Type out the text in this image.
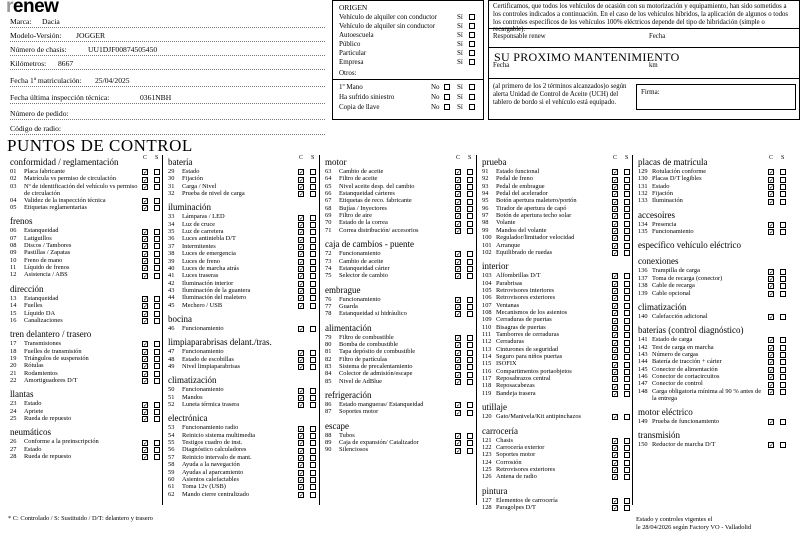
renew
Marca: Dacia
Modelo-Versión: JOGGER
Número de chasis:	UU1DJF00874505450
Kilómetros: 8667
Fecha 1ª matriculación: 25/04/2025
Fecha última inspección técnica:	0361NBH
Número de pedido:
Código de radio:
ORIGEN
Vehículo de alquiler con conductor	Sí
Vehículo de alquiler sin conductor	Sí
Autoescuela	Sí
Público	Sí
Particular	Sí
Empresa	Sí
Otros:
1º Mano	No Sí
Ha sufrido siniestro	No Sí
Copia de llave	No Sí
Certificamos, que todos los vehículos de ocasión con su motorización y equipamiento, han sido sometidos a los controles indicados a continuación. En el caso de los vehículos híbridos, la aplicación de algunos o todos los controles específicos de los vehículos 100% eléctricos depende del tipo de hibridación (simple o recargable).
Responsable renew	Fecha
SU PROXIMO MANTENIMIENTO
Fecha	km
(al primero de los 2 términos alcanzados)o según alerta Unidad de Control de Aceite (UCH) del tablero de bordo si el vehículo está equipado.
Firma:
PUNTOS DE CONTROL
C S
conformidad / reglamentación
01 Placa fabricante	✓
02 Matrícula vs permiso de circulación	✓
03 Nº de identificación del vehículo vs permiso ✓
de circulación
04 Validez de la inspección técnica	✓
05 Etiquetas reglamentarias	✓
frenos
06 Estanqueidad	✓
07 Latiguillos	✓
08 Discos / Tambores	✓
09 Pastillas / Zapatas	✓
10 Freno de mano	✓
11 Líquido de frenos	✓
12 Asistencia / ABS	✓
dirección
13 Estanqueidad	✓
14 Fuelles	✓
15 Líquido DA	✓
16 Canalizaciones	✓
tren delantero / trasero
17 Transmisiones	✓
18 Fuelles de transmisión	✓
19 Triángulos de suspensión	✓
20 Rótulas	✓
21 Rodamientos	✓
22 Amortiguadores D/T	✓
llantas
23 Estado	✓
24 Apriete	✓
25 Rueda de repuesto	✓
neumáticos
26 Conforme a la preinscripción	✓
27 Estado	✓
28 Rueda de repuesto	✓
C S
batería
29 Estado	✓
30 Fijación	✓
31 Carga / Nivel	✓
32 Prueba de nivel de carga	✓
iluminación
33 Lámparas / LED	✓
34 Luz de cruce	✓
35 Luz de carretera	✓
36 Luces antiniebla D/T	✓
37 Intermitentes	✓
38 Luces de emergencia	✓
39 Luces de freno	✓
40 Luces de marcha atrás	✓
41 Luces traseras	✓
42 Iluminación interior	✓
43 Iluminación de la guantera	✓
44 Iluminación del maletero	✓
45 Mechero / USB	✓
bocina
46 Funcionamiento	✓
limpiaparabrisas delant./tras.
47 Funcionamiento	✓
48 Estado de escobillas	✓
49 Nivel limpiaparabrisas	✓
climatización
50 Funcionamiento	✓
51 Mandos	✓
52 Luneta térmica trasera	✓
electrónica
53 Funcionamiento radio	✓
54 Reinicio sistema multimedia	✓
55 Testigos cuadro de inst.	✓
56 Diagnóstico calculadores	✓
57 Reinicio intervalo de mant.	✓
58 Ayuda a la navegación	✓
59 Ayudas al aparcamiento	✓
60 Asientos calefactables	✓
61 Toma 12v (USB)	✓
62 Mando cierre centralizado	✓
C S
motor
63 Cambio de aceite	✓
64 Filtro de aceite	✓
65 Nivel aceite desp. del cambio	✓
66 Estanqueidad cárteres	✓
67 Etiquetas de reco. fabricante	✓
68 Bujías / Inyectores	✓
69 Filtro de aire	✓
70 Estado de la correa	✓
71 Correa distribución/ accesorios	✓
caja de cambios - puente
72 Funcionamiento	✓
73 Cambio de aceite	✓
74 Estanqueidad cárter	✓
75 Selector de cambio	✓
embrague
76 Funcionamiento	✓
77 Guarda	✓
78 Estanqueidad si hidráulico	✓
alimentación
79 Filtro de combustible	✓
80 Bomba de combustible	✓
81 Tapa depósito de combustible	✓
82 Filtro de partículas	✓
83 Sistema de precalentamiento	✓
84 Colector de admisión/escape	✓
85 Nivel de AdBlue	✓
refrigeración
86 Estado mangueras/ Estanqueidad	✓
87 Soportes motor	✓
escape
88 Tubos	✓
89 Caja de expansión/ Catalizador	✓
90 Silenciosos	✓
C S
prueba
91 Estado funcional	✓
92 Pedal de freno	✓
93 Pedal de embrague	✓
94 Pedal del acelerador	✓
95 Botón apertura maletero/portón	✓
96 Tirador de apertura de capó	✓
97 Botón de apertura techo solar	✓
98 Volante	✓
99 Mandos del volante	✓
100 Regulador/limitador velocidad	✓
101 Arranque	✓
102 Equilibrado de ruedas	✓
interior
103 Alfombrillas D/T	✓
104 Parabrisas	✓
105 Retrovisores interiores	✓
106 Retrovisores exteriores	✓
107 Ventanas	✓
108 Mecanismos de los asientos	✓
109 Cerraduras de puertas	✓
110 Bisagras de puertas	✓
111 Tamborres de cerraduras	✓
112 Cerraduras	✓
113 Cinturones de seguridad	✓
114 Seguro para niños puertas	✓
115 ISOFIX	✓
116 Compartimentos portaobjetos	✓
117 Reposabrazos central	✓
118 Reposacabezas	✓
119 Bandeja trasera	✓
utillaje
120 Gato/Manivela/Kit antipinchazos	✓
carrocería
121 Chasis	✓
122 Carrocería exterior	✓
123 Soportes motor	✓
124 Corrosión	✓
125 Retrovisores exteriores	✓
126 Antena de radio	✓
pintura
127 Elementos de carrocería	✓
128 Paragolpes D/T	✓
C S
placas de matrícula
129 Rotulación conforme	✓
130 Placas D/T legibles	✓
131 Estado	✓
132 Fijación	✓
133 Iluminación	✓
accesoires
134 Presencia	✓
135 Funcionamiento	✓
específico vehículo eléctrico
conexiones
136 Trampilla de carga	✓
137 Toma de recarga (conector)	✓
138 Cable de recarga	✓
139 Cable opcional	✓
climatización
140 Calefacción adicional	✓
baterías (control diagnóstico)
141 Estado de carga	✓
142 Test de carga en marcha	✓
143 Número de cargas	✓
144 Batería de tracción + cárter	✓
145 Conector de alimentación	✓
146 Conector de cortacircuitos	✓
147 Conector de control	✓
148 Carga obligatoria mínima al 90 % antes de ✓
la entrega
motor eléctrico
149 Prueba de funcionamiento	✓
transmisión
150 Reductor de marcha D/T	✓
* C: Controlado / S: Sustituido / D/T: delantero y trasero	Estado y controles vigentes el
le 28/04/2026 según Factory VO - Valladolid
